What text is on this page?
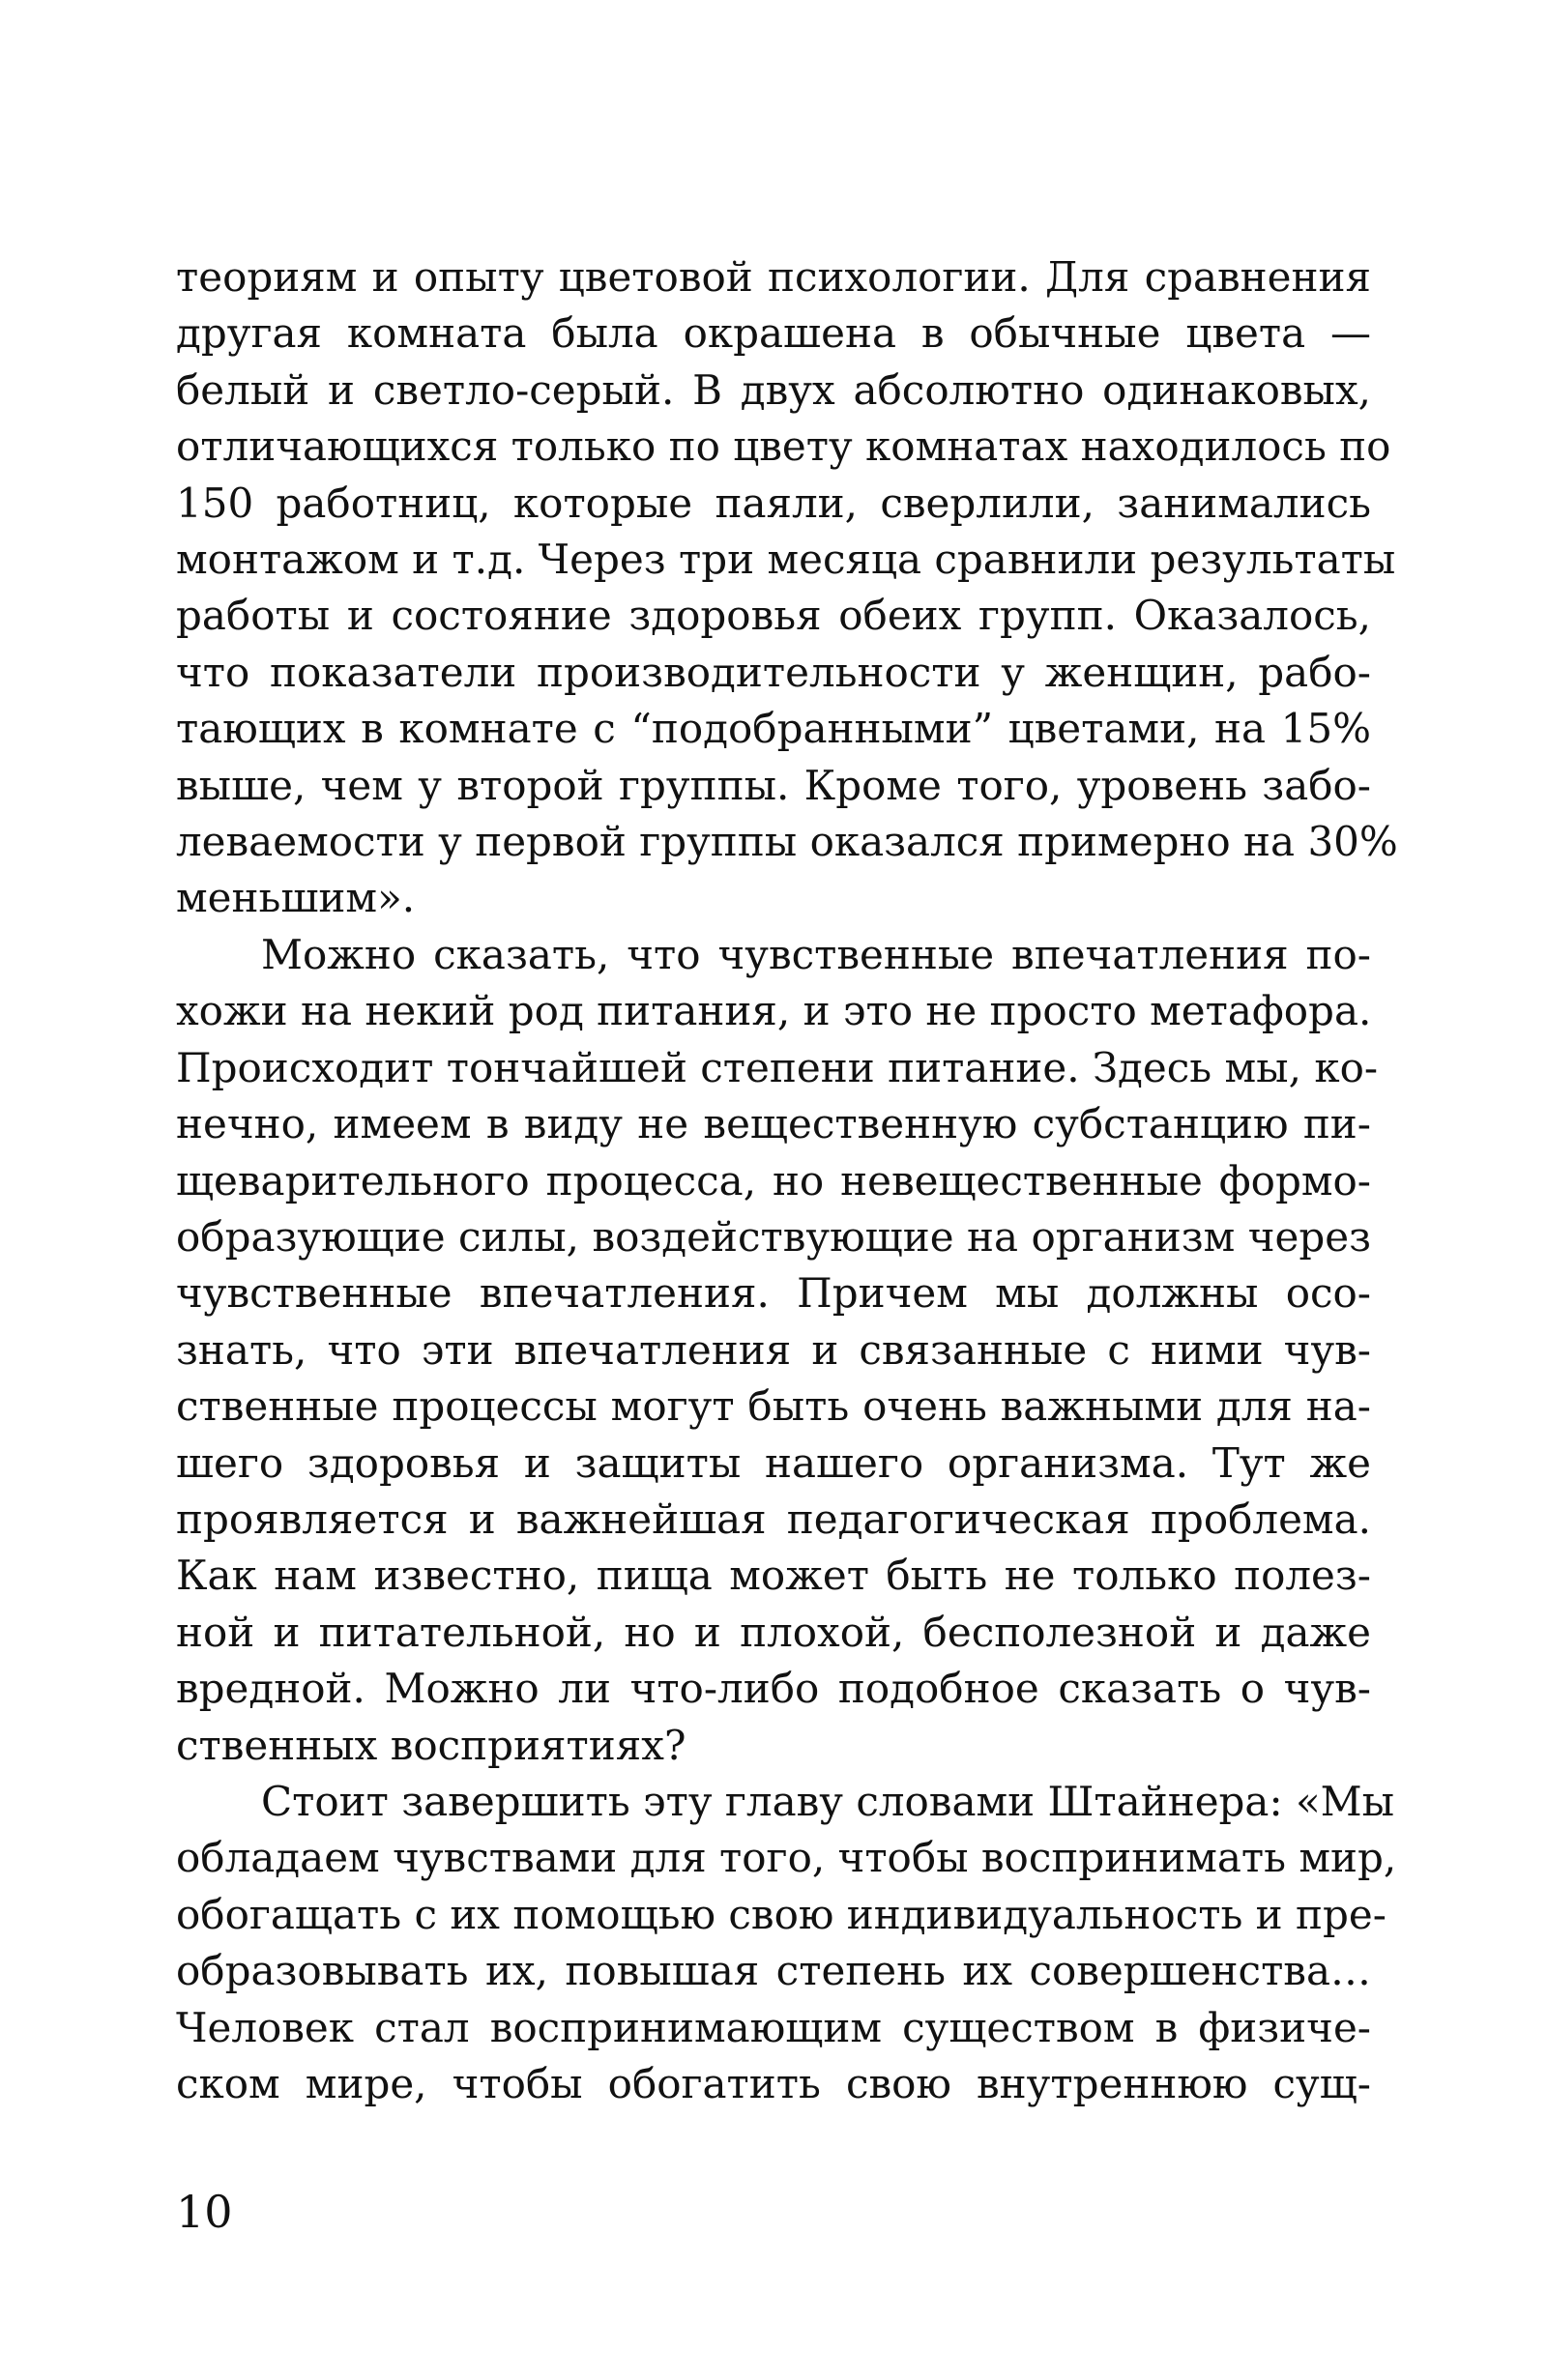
теориям и опыту цветовой психологии. Для сравнения
другая комната была окрашена в обычные цвета —
белый и светло-серый. В двух абсолютно одинаковых,
отличающихся только по цвету комнатах находилось по
150 работниц, которые паяли, сверлили, занимались
монтажом и т.д. Через три месяца сравнили результаты
работы и состояние здоровья обеих групп. Оказалось,
что показатели производительности у женщин, рабо-
тающих в комнате с “подобранными” цветами, на 15%
выше, чем у второй группы. Кроме того, уровень забо-
леваемости у первой группы оказался примерно на 30%
меньшим».
Можно сказать, что чувственные впечатления по-
хожи на некий род питания, и это не просто метафора.
Происходит тончайшей степени питание. Здесь мы, ко-
нечно, имеем в виду не вещественную субстанцию пи-
щеварительного процесса, но невещественные формо-
образующие силы, воздействующие на организм через
чувственные впечатления. Причем мы должны осо-
знать, что эти впечатления и связанные с ними чув-
ственные процессы могут быть очень важными для на-
шего здоровья и защиты нашего организма. Тут же
проявляется и важнейшая педагогическая проблема.
Как нам известно, пища может быть не только полез-
ной и питательной, но и плохой, бесполезной и даже
вредной. Можно ли что-либо подобное сказать о чув-
ственных восприятиях?
Стоит завершить эту главу словами Штайнера: «Мы
обладаем чувствами для того, чтобы воспринимать мир,
обогащать с их помощью свою индивидуальность и пре-
образовывать их, повышая степень их совершенства…
Человек стал воспринимающим существом в физиче-
ском мире, чтобы обогатить свою внутреннюю сущ-
10
